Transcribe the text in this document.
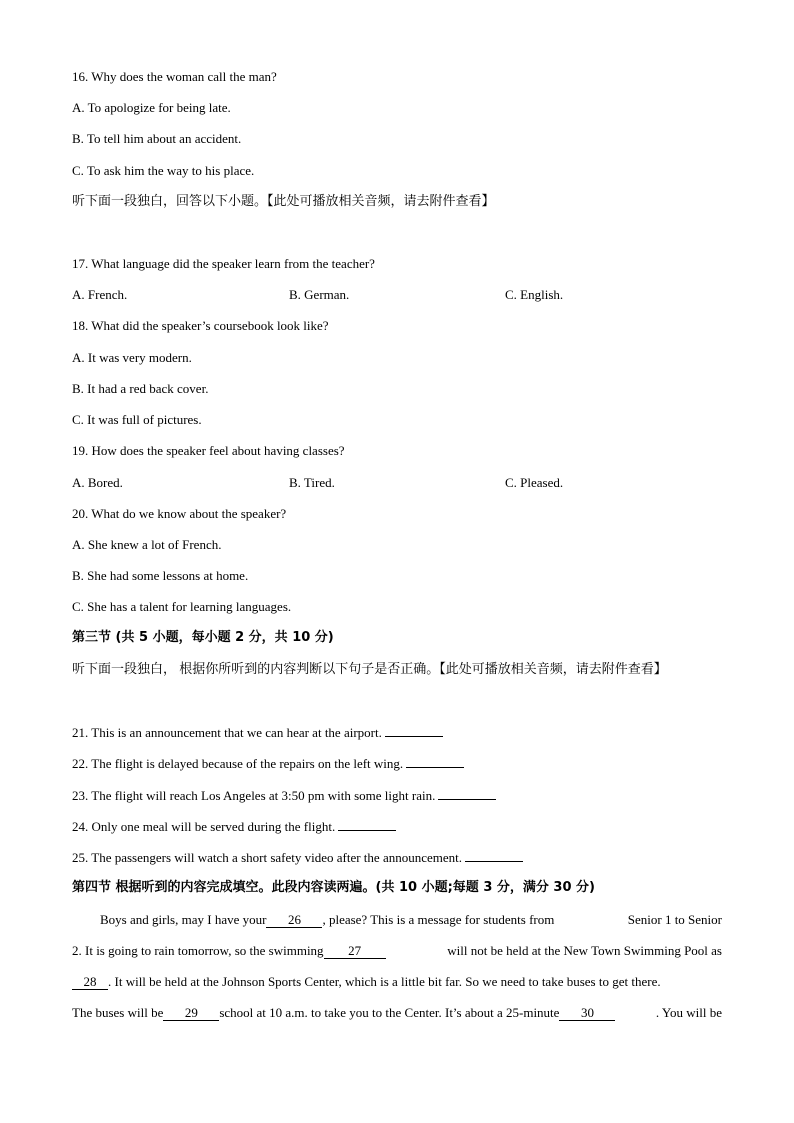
16. Why does the woman call the man?
A. To apologize for being late.
B. To tell him about an accident.
C. To ask him the way to his place.
听下面一段独白，回答以下小题。【此处可播放相关音频，请去附件查看】
17. What language did the speaker learn from the teacher?
A. French.	B. German.	C. English.
18. What did the speaker’s coursebook look like?
A. It was very modern.
B. It had a red back cover.
C. It was full of pictures.
19. How does the speaker feel about having classes?
A. Bored.	B. Tired.	C. Pleased.
20. What do we know about the speaker?
A. She knew a lot of French.
B. She had some lessons at home.
C. She has a talent for learning languages.
第三节 (共 5 小题，每小题 2 分，共 10 分)
听下面一段独白， 根据你所听到的内容判断以下句子是否正确。【此处可播放相关音频，请去附件查看】
21. This is an announcement that we can hear at the airport.
22. The flight is delayed because of the repairs on the left wing.
23. The flight will reach Los Angeles at 3:50 pm with some light rain.
24. Only one meal will be served during the flight.
25. The passengers will watch a short safety video after the announcement.
第四节 根据听到的内容完成填空。此段内容读两遍。(共 10 小题;每题 3 分，满分 30 分)
Boys and girls, may I have your 26 , please? This is a message for students from	Senior 1 to Senior
2. It is going to rain tomorrow, so the swimming 27	will not be held at the New Town Swimming Pool as
28 . It will be held at the Johnson Sports Center, which is a little bit far. So we need to take buses to get there.
The buses will be 29 school at 10 a.m. to take you to the Center. It’s about a 25-minute 30	. You will be
